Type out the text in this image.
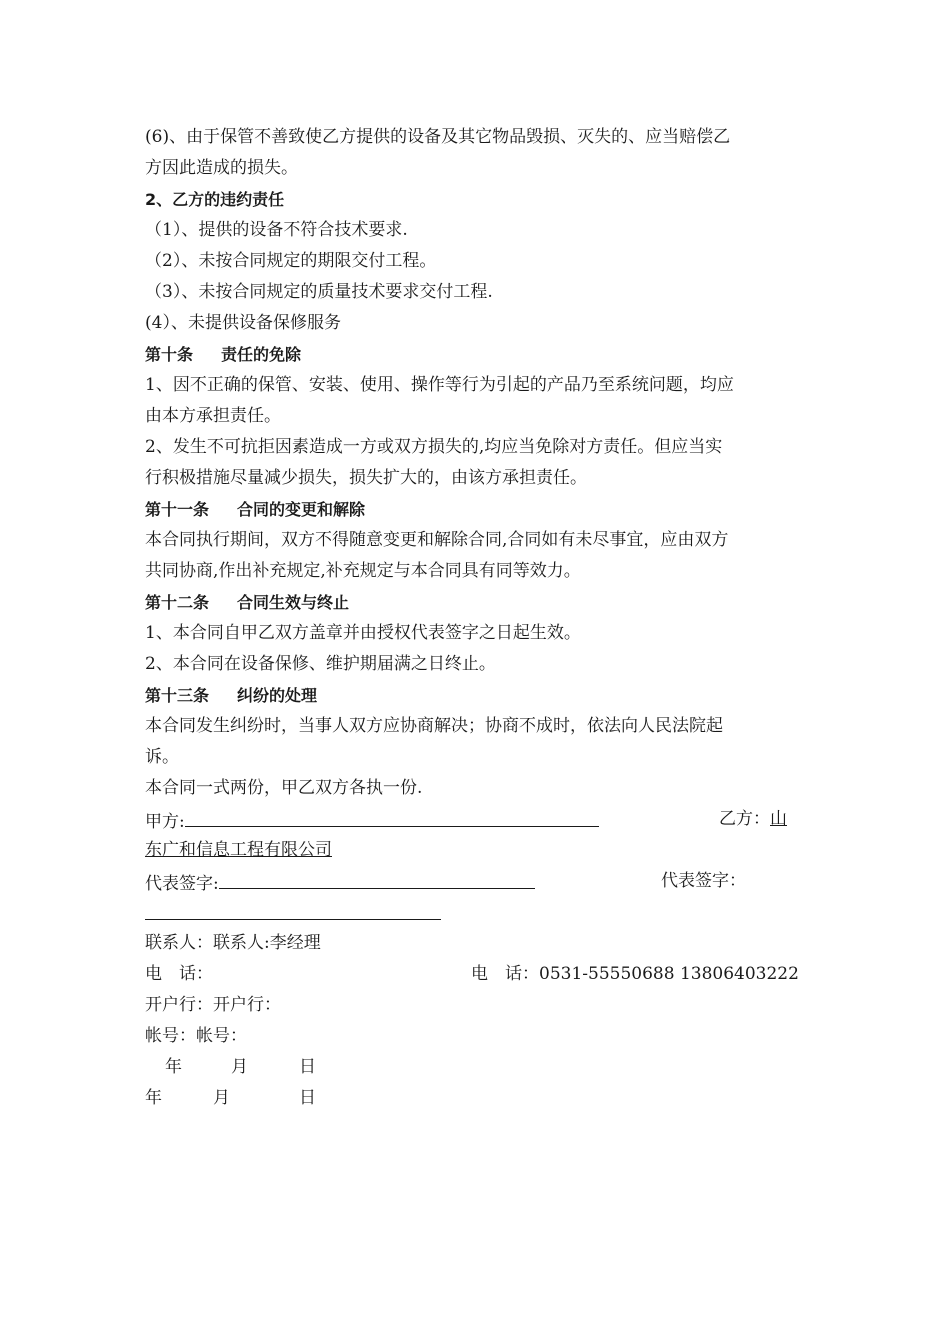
(6)、由于保管不善致使乙方提供的设备及其它物品毁损、灭失的、应当赔偿乙
方因此造成的损失。
2、乙方的违约责任
（1）、提供的设备不符合技术要求.
（2）、未按合同规定的期限交付工程。
（3）、未按合同规定的质量技术要求交付工程.
(4）、未提供设备保修服务
第十条 责任的免除
1、因不正确的保管、安装、使用、操作等行为引起的产品乃至系统问题，均应
由本方承担责任。
2、发生不可抗拒因素造成一方或双方损失的,均应当免除对方责任。但应当实
行积极措施尽量减少损失，损失扩大的，由该方承担责任。
第十一条 合同的变更和解除
本合同执行期间，双方不得随意变更和解除合同,合同如有未尽事宜，应由双方
共同协商,作出补充规定,补充规定与本合同具有同等效力。
第十二条 合同生效与终止
1、本合同自甲乙双方盖章并由授权代表签字之日起生效。
2、本合同在设备保修、维护期届满之日终止。
第十三条 纠纷的处理
本合同发生纠纷时，当事人双方应协商解决；协商不成时，依法向人民法院起
诉。
本合同一式两份，甲乙双方各执一份.
甲方:	乙方：山
东广和信息工程有限公司
代表签字:	代表签字：
联系人：联系人:李经理
电　话：	电　话：0531-55550688 13806403222
开户行：开户行：
帐号：帐号：
年	月	日
年	月	日
